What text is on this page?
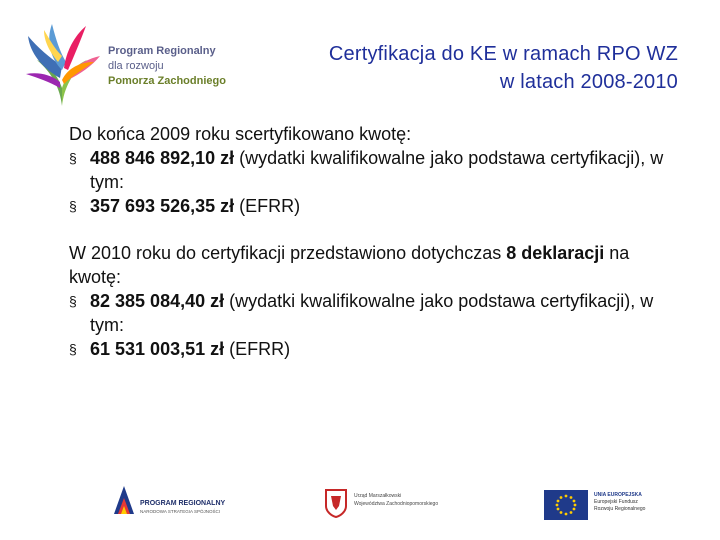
Program Regionalny
dla rozwoju
Pomorza Zachodniego
Certyfikacja do KE w ramach RPO WZ
w latach 2008-2010

Do końca 2009 roku scertyfikowano kwotę:

§ 488 846 892,10 zł (wydatki kwalifikowalne jako podstawa certyfikacji), w tym:
§ 357 693 526,35 zł (EFRR)

W 2010 roku do certyfikacji przedstawiono dotychczas 8 deklaracji na kwotę:

§ 82 385 084,40 zł (wydatki kwalifikowalne jako podstawa certyfikacji), w tym:
§ 61 531 003,51 zł (EFRR)
PROGRAM REGIONALNY
NARODOWA STRATEGIA SPÓJNOŚCI
Urząd Marszałkowski
Województwa Zachodniopomorskiego
UNIA EUROPEJSKA
Europejski Fundusz
Rozwoju Regionalnego
